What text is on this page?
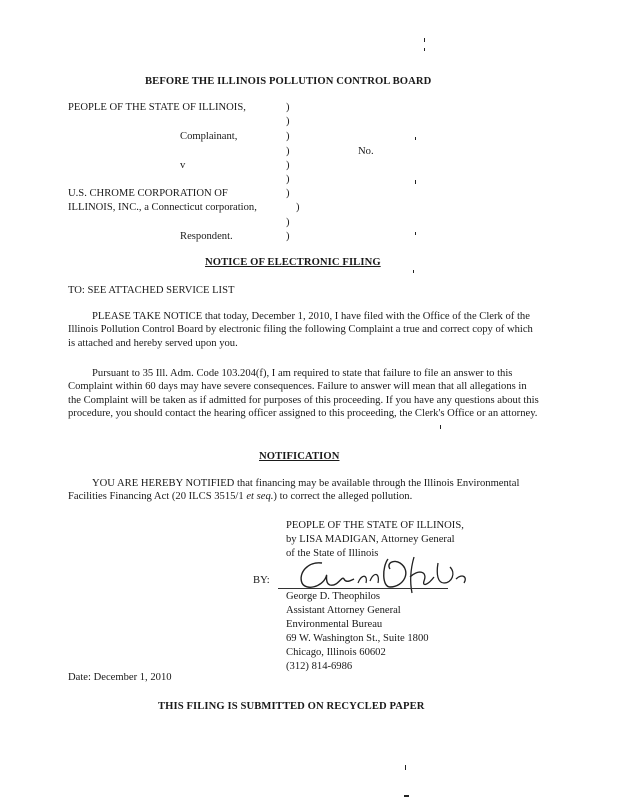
BEFORE THE ILLINOIS POLLUTION CONTROL BOARD
PEOPLE OF THE STATE OF ILLINOIS,
Complainant,
v
No.
U.S. CHROME CORPORATION OF
ILLINOIS, INC., a Connecticut corporation,
Respondent.
)
)
)
)
)
)
)
)
)
)
NOTICE OF ELECTRONIC FILING
TO: SEE ATTACHED SERVICE LIST
PLEASE TAKE NOTICE that today, December 1, 2010, I have filed with the Office of the Clerk of the Illinois Pollution Control Board by electronic filing the following Complaint a true and correct copy of which is attached and hereby served upon you.
Pursuant to 35 Ill. Adm. Code 103.204(f), I am required to state that failure to file an answer to this Complaint within 60 days may have severe consequences. Failure to answer will mean that all allegations in the Complaint will be taken as if admitted for purposes of this proceeding. If you have any questions about this procedure, you should contact the hearing officer assigned to this proceeding, the Clerk's Office or an attorney.
NOTIFICATION
YOU ARE HEREBY NOTIFIED that financing may be available through the Illinois Environmental Facilities Financing Act (20 ILCS 3515/1 et seq.) to correct the alleged pollution.
PEOPLE OF THE STATE OF ILLINOIS,
by LISA MADIGAN, Attorney General
of the State of Illinois
BY:
George D. Theophilos
Assistant Attorney General
Environmental Bureau
69 W. Washington St., Suite 1800
Chicago, Illinois 60602
(312) 814-6986
Date: December 1, 2010
THIS FILING IS SUBMITTED ON RECYCLED PAPER
